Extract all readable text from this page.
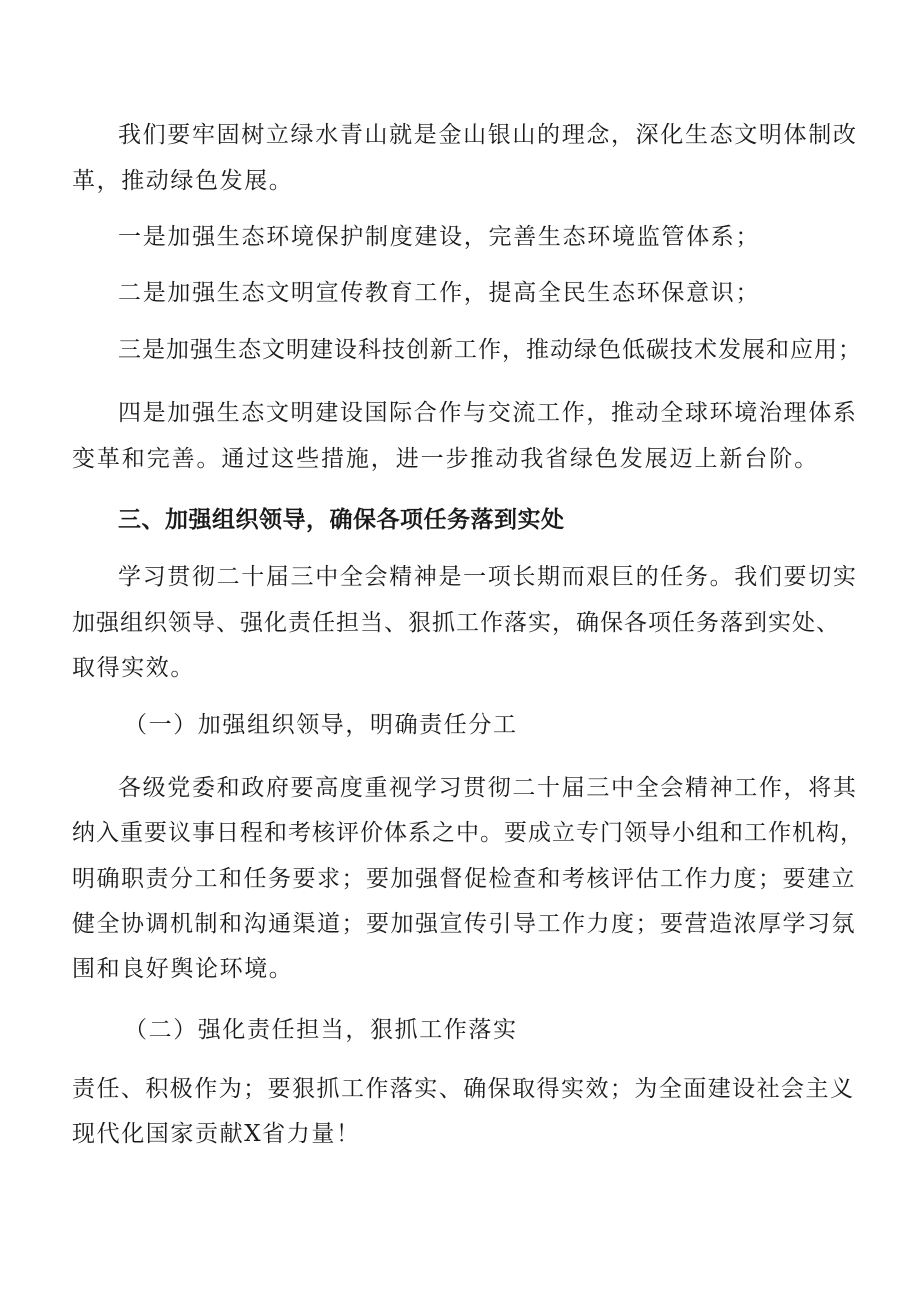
我们要牢固树立绿水青山就是金山银山的理念，深化生态文明体制改
革，推动绿色发展。
一是加强生态环境保护制度建设，完善生态环境监管体系；
二是加强生态文明宣传教育工作，提高全民生态环保意识；
三是加强生态文明建设科技创新工作，推动绿色低碳技术发展和应用；
四是加强生态文明建设国际合作与交流工作，推动全球环境治理体系
变革和完善。通过这些措施，进一步推动我省绿色发展迈上新台阶。
三、加强组织领导，确保各项任务落到实处
学习贯彻二十届三中全会精神是一项长期而艰巨的任务。我们要切实
加强组织领导、强化责任担当、狠抓工作落实，确保各项任务落到实处、
取得实效。
（一）加强组织领导，明确责任分工
各级党委和政府要高度重视学习贯彻二十届三中全会精神工作，将其
纳入重要议事日程和考核评价体系之中。要成立专门领导小组和工作机构，
明确职责分工和任务要求；要加强督促检查和考核评估工作力度；要建立
健全协调机制和沟通渠道；要加强宣传引导工作力度；要营造浓厚学习氛
围和良好舆论环境。
（二）强化责任担当，狠抓工作落实
责任、积极作为；要狠抓工作落实、确保取得实效；为全面建设社会主义
现代化国家贡献X省力量！
